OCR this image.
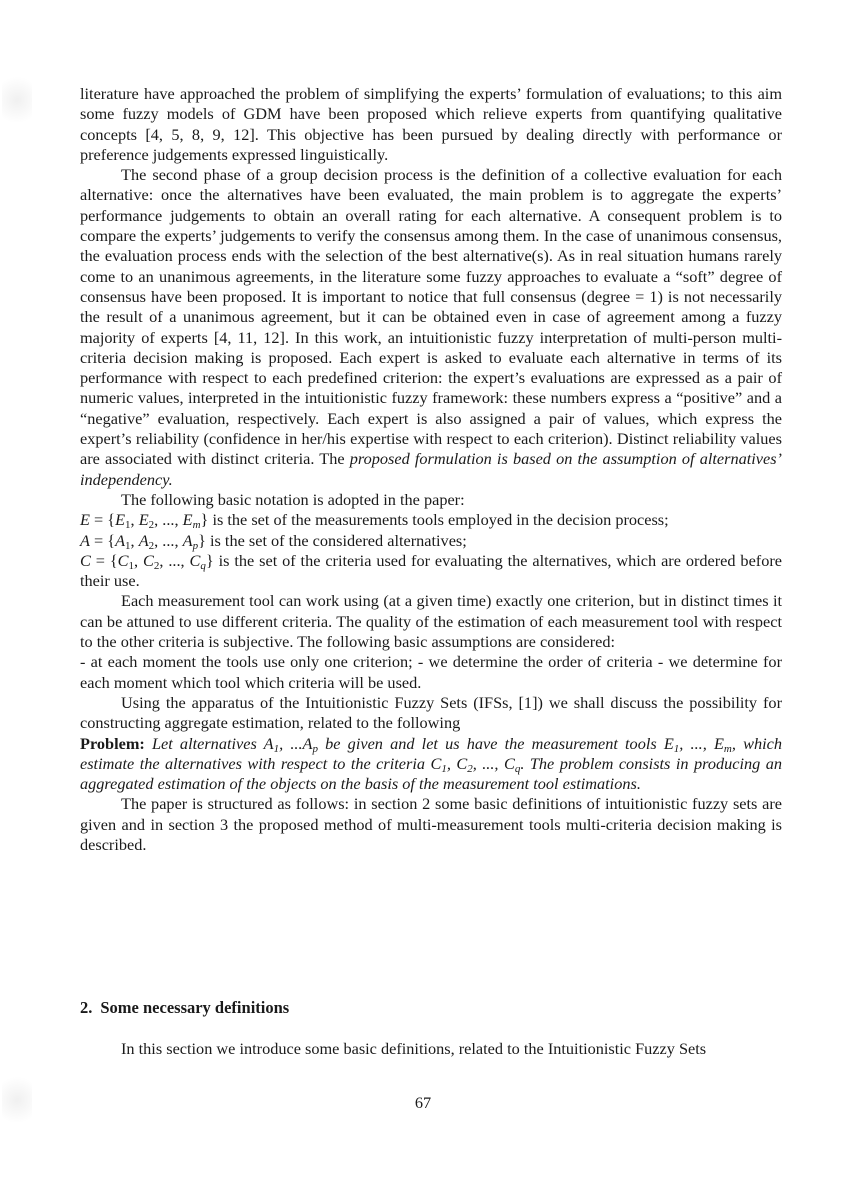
literature have approached the problem of simplifying the experts’ formulation of evaluations; to this aim some fuzzy models of GDM have been proposed which relieve experts from quantifying qualitative concepts [4, 5, 8, 9, 12]. This objective has been pursued by dealing directly with performance or preference judgements expressed linguistically.

The second phase of a group decision process is the definition of a collective evaluation for each alternative: once the alternatives have been evaluated, the main problem is to aggregate the experts’ performance judgements to obtain an overall rating for each alternative. A consequent problem is to compare the experts’ judgements to verify the consensus among them. In the case of unanimous consensus, the evaluation process ends with the selection of the best alternative(s). As in real situation humans rarely come to an unanimous agreements, in the literature some fuzzy approaches to evaluate a “soft” degree of consensus have been proposed. It is important to notice that full consensus (degree = 1) is not necessarily the result of a unanimous agreement, but it can be obtained even in case of agreement among a fuzzy majority of experts [4, 11, 12]. In this work, an intuitionistic fuzzy interpretation of multi-person multi-criteria decision making is proposed. Each expert is asked to evaluate each alternative in terms of its performance with respect to each predefined criterion: the expert’s evaluations are expressed as a pair of numeric values, interpreted in the intuitionistic fuzzy framework: these numbers express a “positive” and a “negative” evaluation, respectively. Each expert is also assigned a pair of values, which express the expert’s reliability (confidence in her/his expertise with respect to each criterion). Distinct reliability values are associated with distinct criteria. The proposed formulation is based on the assumption of alternatives’ independency.

The following basic notation is adopted in the paper:

$E = \{E_1$, $E_2$, ..., $E_m$} is the set of the measurements tools employed in the decision process;

$A = \{A_1$, $A_2$, ..., $A_p$} is the set of the considered alternatives;

$C = \{C_1$, $C_2$, ..., $C_q$} is the set of the criteria used for evaluating the alternatives, which are ordered before their use.

Each measurement tool can work using (at a given time) exactly one criterion, but in distinct times it can be attuned to use different criteria. The quality of the estimation of each measurement tool with respect to the other criteria is subjective. The following basic assumptions are considered:

- at each moment the tools use only one criterion; - we determine the order of criteria - we determine for each moment which tool which criteria will be used.

Using the apparatus of the Intuitionistic Fuzzy Sets (IFSs, [1]) we shall discuss the possibility for constructing aggregate estimation, related to the following

Problem: Let alternatives $A_1$, $...A_p$ be given and let us have the measurement tools $E_1$, ..., $E_m$, which estimate the alternatives with respect to the criteria $C_1$, $C_2$, ..., $C_q$. The problem consists in producing an aggregated estimation of the objects on the basis of the measurement tool estimations.

The paper is structured as follows: in section 2 some basic definitions of intuitionistic fuzzy sets are given and in section 3 the proposed method of multi-measurement tools multi-criteria decision making is described.

2. Some necessary definitions

In this section we introduce some basic definitions, related to the Intuitionistic Fuzzy Sets

67
